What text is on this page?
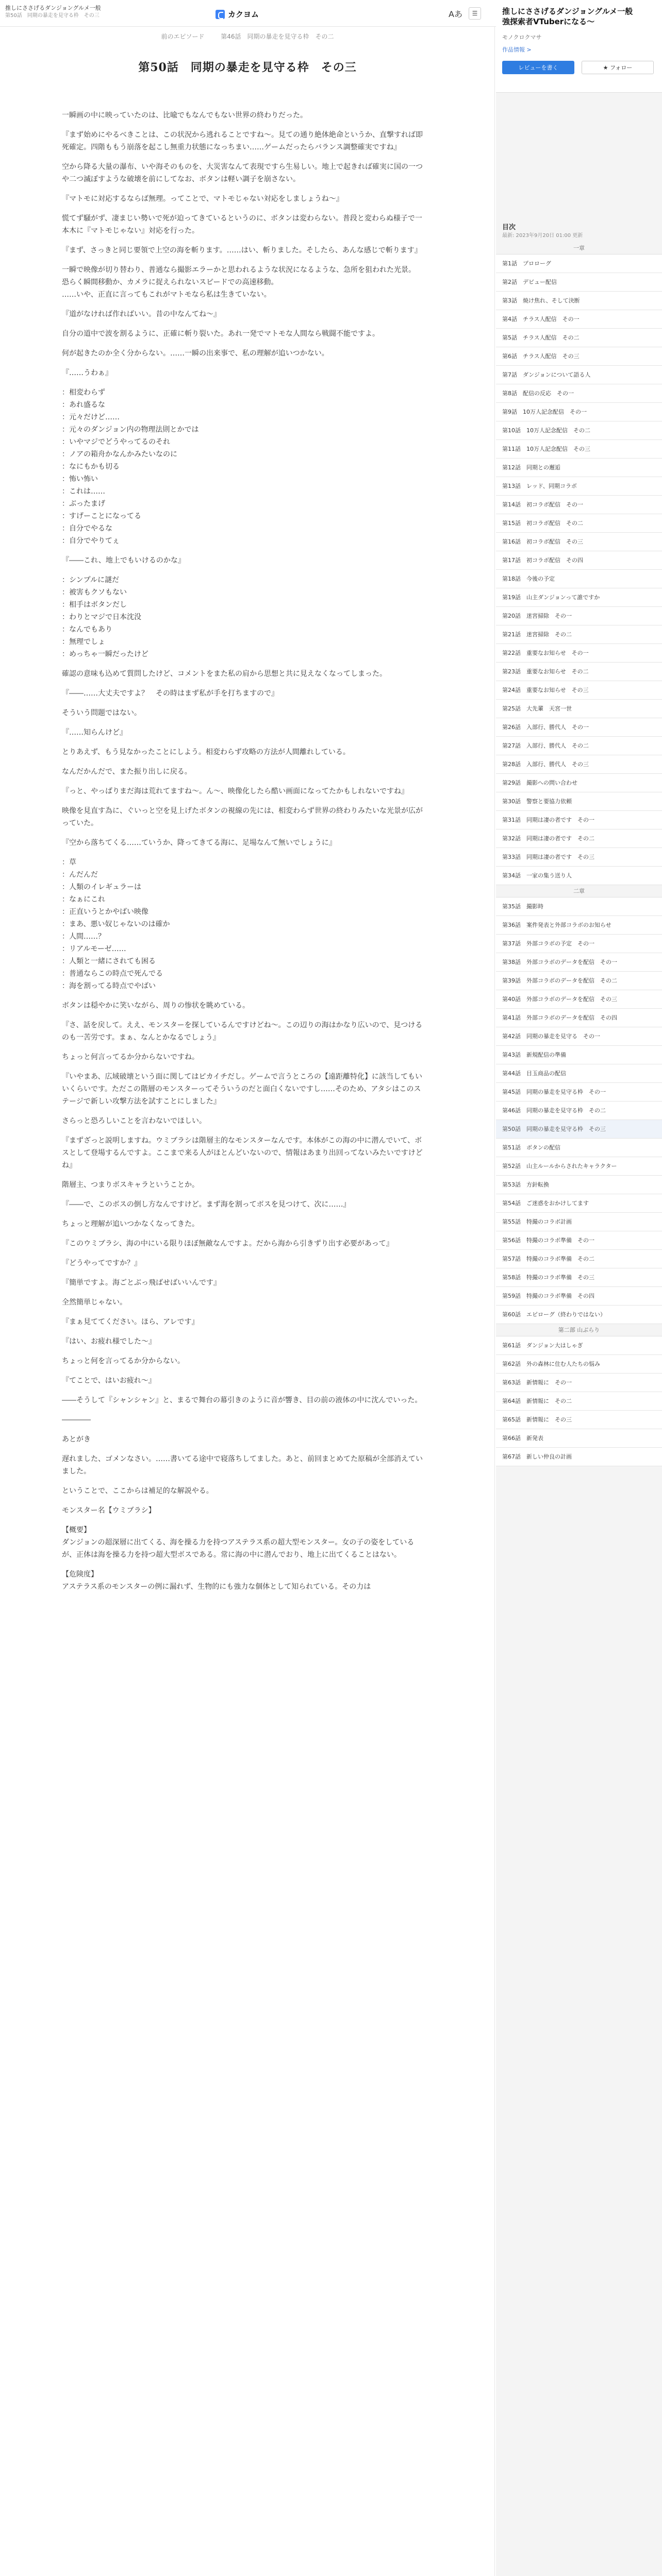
推しにささげるダンジョングルメ一般
第50話　同期の暴走を見守る枠　その三	カクヨム	Aあ	☰
前のエピソード	第46話　同期の暴走を見守る枠　その二
第50話　同期の暴走を見守る枠　その三

一瞬画の中に映っていたのは、比喩でもなんでもない世界の終わりだった。

『まず始めにやるべきことは、この状況から逃れることですね～。見ての通り絶体絶命というか、直撃すれば即死確定。四階ももう崩落を起こし無重力状態になっちまい……ゲームだったらバランス調整確実ですね』

空から降る大量の瀑布、いや海そのものを、大災害なんて表現ですら生易しい。地上で起きれば確実に国の一つや二つ滅ぼすような破壊を前にしてなお、ボタンは軽い調子を崩さない。

『マトモに対応するならば無理。ってことで、マトモじゃない対応をしましょうね～』

慌てず騒がず、凄まじい勢いで死が迫ってきているというのに、ボタンは変わらない。普段と変わらぬ様子で一本木に『マトモじゃない』対応を行った。

『まず、さっきと同じ要領で上空の海を斬ります。……はい、斬りました。そしたら、あんな感じで斬ります』

一瞬で映像が切り替わり、普通なら撮影エラーかと思われるような状況になるような、急所を狙われた光景。
恐らく瞬間移動か、カメラに捉えられないスピードでの高速移動。
……いや、正直に言ってもこれがマトモなら私は生きていない。

『道がなければ作ればいい。昔の中なんてね～』

自分の道中で波を割るように、正確に斬り裂いた。あれ一発でマトモな人間なら戦闘不能ですよ。

何が起きたのか全く分からない。……一瞬の出来事で、私の理解が追いつかない。

『……うわぁ』

：相変わらず
：あれ盛るな
：元々だけど……
：元々のダンジョン内の物理法則とかでは
：いやマジでどうやってるのそれ
：ノアの箱舟かなんかみたいなのに
：なにもかも切る
：怖い怖い
：これは……
：ぶったまげ
：すげーことになってる
：自分でやるな
：自分でやりてぇ

『――これ、地上でもいけるのかな』

：シンプルに謎だ
：被害もクソもない
：相手はボタンだし
：わりとマジで日本沈没
：なんでもあり
：無理でしょ
：めっちゃ一瞬だったけど

確認の意味も込めて質問したけど、コメントをまた私の肩から思想と共に見えなくなってしまった。

『――……大丈夫ですよ？　その時はまず私が手を打ちますので』

そういう問題ではない。

『……知らんけど』

とりあえず、もう見なかったことにしよう。相変わらず攻略の方法が人間離れしている。

なんだかんだで、また振り出しに戻る。

『っと、やっぱりまだ海は荒れてますね～。ん～、映像化したら酷い画面になってたかもしれないですね』

映像を見直す為に、ぐいっと空を見上げたボタンの視線の先には、相変わらず世界の終わりみたいな光景が広がっていた。

『空から落ちてくる……ていうか、降ってきてる海に、足場なんて無いでしょうに』

：草
：んだんだ
：人類のイレギュラーは
：なぁにこれ
：正直いうとかやばい映像
：まあ、悪い奴じゃないのは確か
：人間……？
：リアルモーゼ……
：人類と一緒にされても困る
：普通ならこの時点で死んでる
：海を割ってる時点でやばい

ボタンは穏やかに笑いながら、周りの惨状を眺めている。

『さ、話を戻して。ええ、モンスターを探しているんですけどね～。この辺りの海はかなり広いので、見つけるのも一苦労です。まぁ、なんとかなるでしょう』

ちょっと何言ってるか分からないですね。

『いやまあ、広域破壊という面に関してはピカイチだし。ゲームで言うところの【遠距離特化】に該当してもいいくらいです。ただこの階層のモンスターってそういうのだと面白くないですし……そのため、アタシはこのステージで新しい攻撃方法を試すことにしました』

さらっと恐ろしいことを言わないでほしい。

『まずざっと説明しますね。ウミブラシは階層主的なモンスターなんです。本体がこの海の中に潜んでいて、ボスとして登場するんですよ。ここまで来る人がほとんどいないので、情報はあまり出回ってないみたいですけどね』

階層主、つまりボスキャラということか。

『――で、このボスの倒し方なんですけど。まず海を割ってボスを見つけて、次に……』

ちょっと理解が追いつかなくなってきた。

『このウミブラシ、海の中にいる限りほぼ無敵なんですよ。だから海から引きずり出す必要があって』

『どうやってですか？』

『簡単ですよ。海ごとぶっ飛ばせばいいんです』

全然簡単じゃない。

『まぁ見ててください。ほら、アレです』

『はい、お疲れ様でした～』

ちょっと何を言ってるか分からない。

『てことで、はいお疲れ～』

――そうして『シャンシャン』と、まるで舞台の幕引きのように音が響き、目の前の液体の中に沈んでいった。

――――

あとがき

遅れました、ゴメンなさい。……書いてる途中で寝落ちしてました。あと、前回まとめてた原稿が全部消えていました。

ということで、ここからは補足的な解説やる。

モンスター名【ウミブラシ】

【概要】
ダンジョンの超深層に出てくる、海を操る力を持つアステラス系の超大型モンスター。女の子の姿をしているが、正体は海を操る力を持つ超大型ボスである。常に海の中に潜んでおり、地上に出てくることはない。

【危険度】
アステラス系のモンスターの例に漏れず、生物的にも強力な個体として知られている。その力は

推しにささげるダンジョングルメ一般
強探索者VTuberになる〜
モノクロクマサ
作品情報 >
レビューを書く	★ フォロー
目次
最新: 2023年9月20日 01:00 更新
一章
第1話　プロローグ
第2話　デビュー配信
第3話　焼け焦れ、そして決断
第4話　チラス人配信　その一
第5話　チラス人配信　その二
第6話　チラス人配信　その三
第7話　ダンジョンについて語る人
第8話　配信の反応　その一
第9話　10万人記念配信　その一
第10話　10万人記念配信　その二
第11話　10万人記念配信　その三
第12話　同期との邂逅
第13話　レッド、同期コラボ
第14話　初コラボ配信　その一
第15話　初コラボ配信　その二
第16話　初コラボ配信　その三
第17話　初コラボ配信　その四
第18話　今後の予定
第19話　山主ダンジョンって誰ですか
第20話　迷宮掃除　その一
第21話　迷宮掃除　その二
第22話　重要なお知らせ　その一
第23話　重要なお知らせ　その二
第24話　重要なお知らせ　その三
第25話　大先輩　天宮一世
第26話　入部行、勝代人　その一
第27話　入部行、勝代人　その二
第28話　入部行、勝代人　その三
第29話　撮影への問い合わせ
第30話　警察と要協力依頼
第31話　同期は凄の者です　その一
第32話　同期は凄の者です　その二
第33話　同期は凄の者です　その三
第34話　一家の集う送り人
二章
第35話　撮影時
第36話　案件発表と外部コラボのお知らせ
第37話　外部コラボの予定　その一
第38話　外部コラボのデータを配信　その一
第39話　外部コラボのデータを配信　その二
第40話　外部コラボのデータを配信　その三
第41話　外部コラボのデータを配信　その四
第42話　同期の暴走を見守る　その一
第43話　新規配信の準備
第44話　目玉商品の配信
第45話　同期の暴走を見守る枠　その一
第46話　同期の暴走を見守る枠　その二
第50話　同期の暴走を見守る枠　その三
第51話　ボタンの配信
第52話　山主ルールからされたキャラクター
第53話　方針転換
第54話　ご迷惑をおかけしてます
第55話　特撮のコラボ計画
第56話　特撮のコラボ準備　その一
第57話　特撮のコラボ準備　その二
第58話　特撮のコラボ準備　その三
第59話　特撮のコラボ準備　その四
第60話　エピローグ（終わりではない）
第二部 山ぶらり
第61話　ダンジョン大はしゃぎ
第62話　外の森林に住む人たちの悩み
第63話　新情報に　その一
第64話　新情報に　その二
第65話　新情報に　その三
第66話　新発表
第67話　新しい仲良の計画
